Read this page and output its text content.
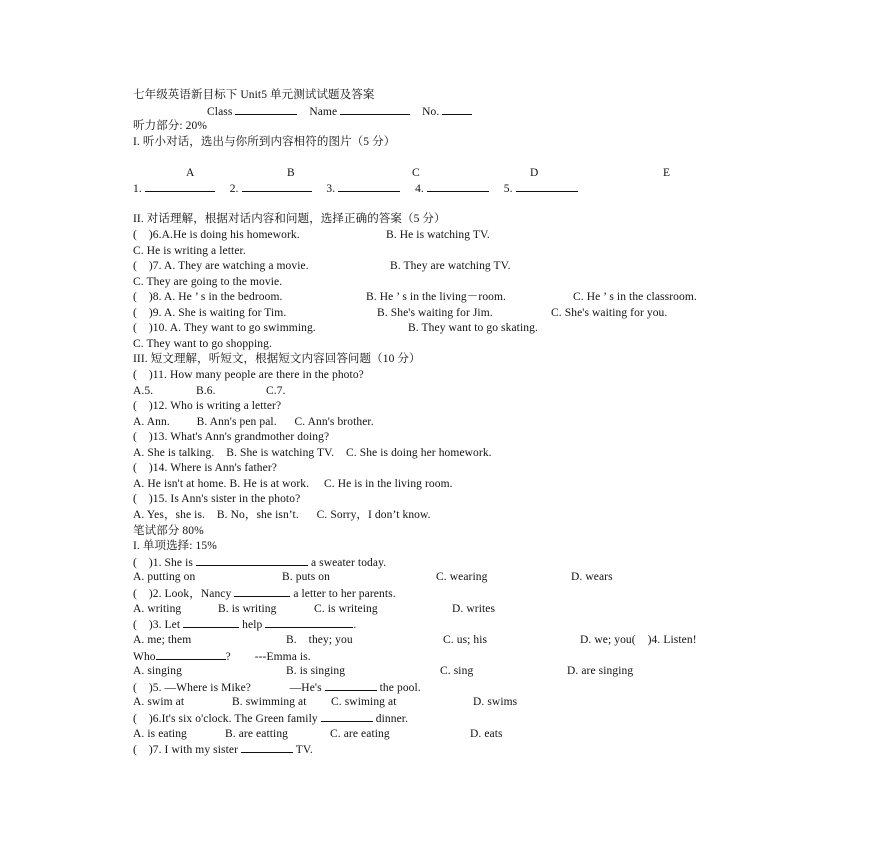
七年级英语新目标下 Unit5 单元测试试题及答案
Class	Name	No.
听力部分: 20%
I. 听小对话，选出与你所到内容相符的图片（5 分）
A	B	C	D	E
1.	2.	3.	4.	5.
II. 对话理解，根据对话内容和问题，选择正确的答案（5 分）
(    )6.A.He is doing his homework.	B. He is watching TV.
C. He is writing a letter.
(    )7. A. They are watching a movie.	B. They are watching TV.
C. They are going to the movie.
(    )8. A. He ’ s in the bedroom.	B. He ’ s in the living－room.	C. He ’ s in the classroom.
(    )9. A. She is waiting for Tim.	B. She's waiting for Jim.	C. She's waiting for you.
(    )10. A. They want to go swimming.	B. They want to go skating.
C. They want to go shopping.
III. 短文理解，听短文，根据短文内容回答问题（10 分）
(    )11. How many people are there in the photo?
A.5.	B.6.	C.7.
(    )12. Who is writing a letter?
A. Ann.         B. Ann's pen pal.      C. Ann's brother.
(    )13. What's Ann's grandmother doing?
A. She is talking.    B. She is watching TV.    C. She is doing her homework.
(    )14. Where is Ann's father?
A. He isn't at home. B. He is at work.     C. He is in the living room.
(    )15. Is Ann's sister in the photo?
A. Yes，she is.    B. No，she isn’t.      C. Sorry，I don’t know.
笔试部分 80%
I. 单项选择: 15%
(    )1. She is	a sweater today.
A. putting on	B. puts on	C. wearing	D. wears
(    )2. Look，Nancy	a letter to her parents.
A. writing	B. is writing	C. is writeing	D. writes
(    )3. Let	help	.
A. me; them	B.    they; you	C. us; his	D. we; you(    )4. Listen!
Who	? ---Emma is.
A. singing	B. is singing	C. sing	D. are singing
(    )5. —Where is Mike?	—He's	the pool.
A. swim at	B. swimming at C. swiming at	D. swims
(    )6.It's six o'clock. The Green family	dinner.
A. is eating	B. are eatting	C. are eating	D. eats
(    )7. I with my sister	TV.
